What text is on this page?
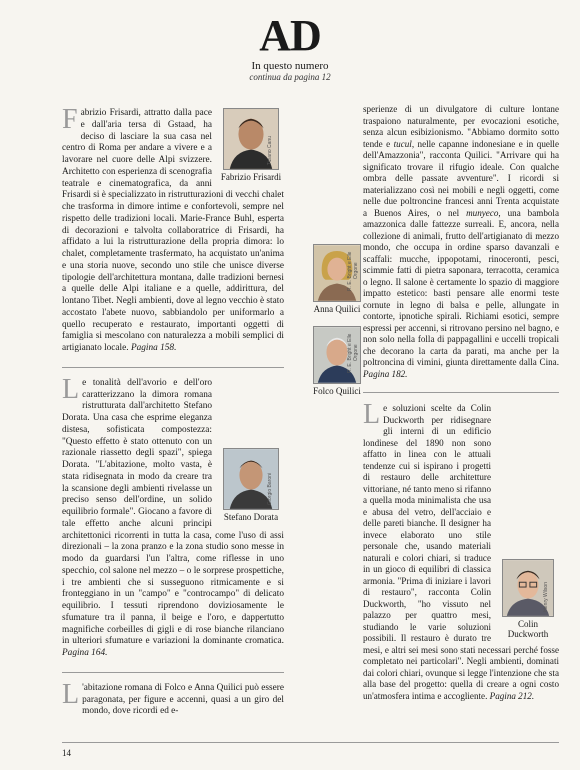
AD
In questo numero
continua da pagina 12

Tiziano Canu
Fabrizio Frisardi
F abrizio Frisardi, attratto dalla pace e dall'aria tersa di Gstaad, ha deciso di lasciare la sua casa nel centro di Roma per andare a vivere e a lavorare nel cuore delle Alpi svizzere. Architetto con esperienza di scenografia teatrale e cinematografica, da anni Frisardi si è specializzato in ristrutturazioni di vecchi chalet che trasforma in dimore intime e confortevoli, sempre nel rispetto delle tradizioni locali. Marie-France Buhl, esperta di decorazioni e talvolta collaboratrice di Frisardi, ha affidato a lui la ristrutturazione della propria dimora: lo chalet, completamente trasfermato, ha acquistato un'anima e una storia nuove, secondo uno stile che unisce diverse tipologie dell'architettura montana, dalle tradizioni bernesi a quelle delle Alpi italiane e a quelle, addirittura, del lontano Tibet. Negli ambienti, dove al legno vecchio è stato accostato l'abete nuovo, sabbiandolo per uniformarlo a quello recuperato e restaurato, importanti oggetti di famiglia si mescolano con naturalezza a mobili semplici di artigianato locale. Pagina 158.

L
Giorgio Baroni
Stefano Dorata
e tonalità dell'avorio e dell'oro caratterizzano la dimora romana ristrutturata dall'architetto Stefano Dorata. Una casa che esprime eleganza distesa, sofisticata compostezza: "Questo effetto è stato ottenuto con un razionale riassetto degli spazi", spiega Dorata. "L'abitazione, molto vasta, è stata ridisegnata in modo da creare tra la scansione degli ambienti rivelasse un preciso senso dell'ordine, un solido equilibrio formale". Giocano a favore di tale effetto anche alcuni principi architettonici ricorrenti in tutta la casa, come l'uso di assi direzionali – la zona pranzo e la zona studio sono messe in modo da guardarsi l'un l'altra, come riflesse in uno specchio, col salone nel mezzo – o le sorprese prospettiche, i tre ambienti che si susseguono ritmicamente e si fronteggiano in un "campo" e "controcampo" di delicato equilibrio. I tessuti riprendono doviziosamente le sfumature tra il panna, il beige e l'oro, e dappertutto magnifiche corbeilles di gigli e di rose bianche rilanciano in ulteriori sfumature e variazioni la dominante cromatica. Pagina 164.

L 'abitazione romana di Folco e Anna Quilici può essere paragonata, per figure e accenni, quasi a un giro del mondo, dove ricordi ed e-

R. E. Bright e Elle Orgone
Anna Quilici
R. E. Bright e Elle Orgone
Folco Quilici

sperienze di un divulgatore di culture lontane traspaiono naturalmente, per evocazioni esotiche, senza alcun esibizionismo. "Abbiamo dormito sotto tende e tucul, nelle capanne indonesiane e in quelle dell'Amazzonia", racconta Quilici. "Arrivare qui ha significato trovare il rifugio ideale. Con qualche ombra delle passate avventure". I ricordi si materializzano così nei mobili e negli oggetti, come nelle due poltroncine francesi anni Trenta acquistate a Buenos Aires, o nel munyeco, una bambola amazzonica dalle fattezze surreali. E, ancora, nella collezione di animali, frutto dell'artigianato di mezzo mondo, che occupa in ordine sparso davanzali e scaffali: mucche, ippopotami, rinoceronti, pesci, scimmie fatti di pietra saponara, terracotta, ceramica o legno. Il salone è certamente lo spazio di maggiore impatto estetico: basti pensare alle enormi teste cornute in legno di balsa e pelle, allungate in contorte, ipnotiche spirali. Richiami esotici, sempre espressi per accenni, si ritrovano persino nel bagno, e non solo nella folla di pappagallini e uccelli tropicali che decorano la carta da parati, ma anche per la poltroncina di vimini, giunta direttamente dalla Cina. Pagina 182.

Henry Wilson
Colin Duckworth
L e soluzioni scelte da Colin Duckworth per ridisegnare gli interni di un edificio londinese del 1890 non sono affatto in linea con le attuali tendenze cui si ispirano i progetti di restauro delle architetture vittoriane, né tanto meno si rifanno a quella moda minimalista che usa e abusa del vetro, dell'acciaio e delle pareti bianche. Il designer ha invece elaborato uno stile personale che, usando materiali naturali e colori chiari, si traduce in un gioco di equilibri di classica armonia. "Prima di iniziare i lavori di restauro", racconta Colin Duckworth, "ho vissuto nel palazzo per quattro mesi, studiando le varie soluzioni possibili. Il restauro è durato tre mesi, e altri sei mesi sono stati necessari perché fosse completato nei particolari". Negli ambienti, dominati dai colori chiari, ovunque si legge l'intenzione che sta alla base del progetto: quella di creare a ogni costo un'atmosfera intima e accogliente. Pagina 212.

14
